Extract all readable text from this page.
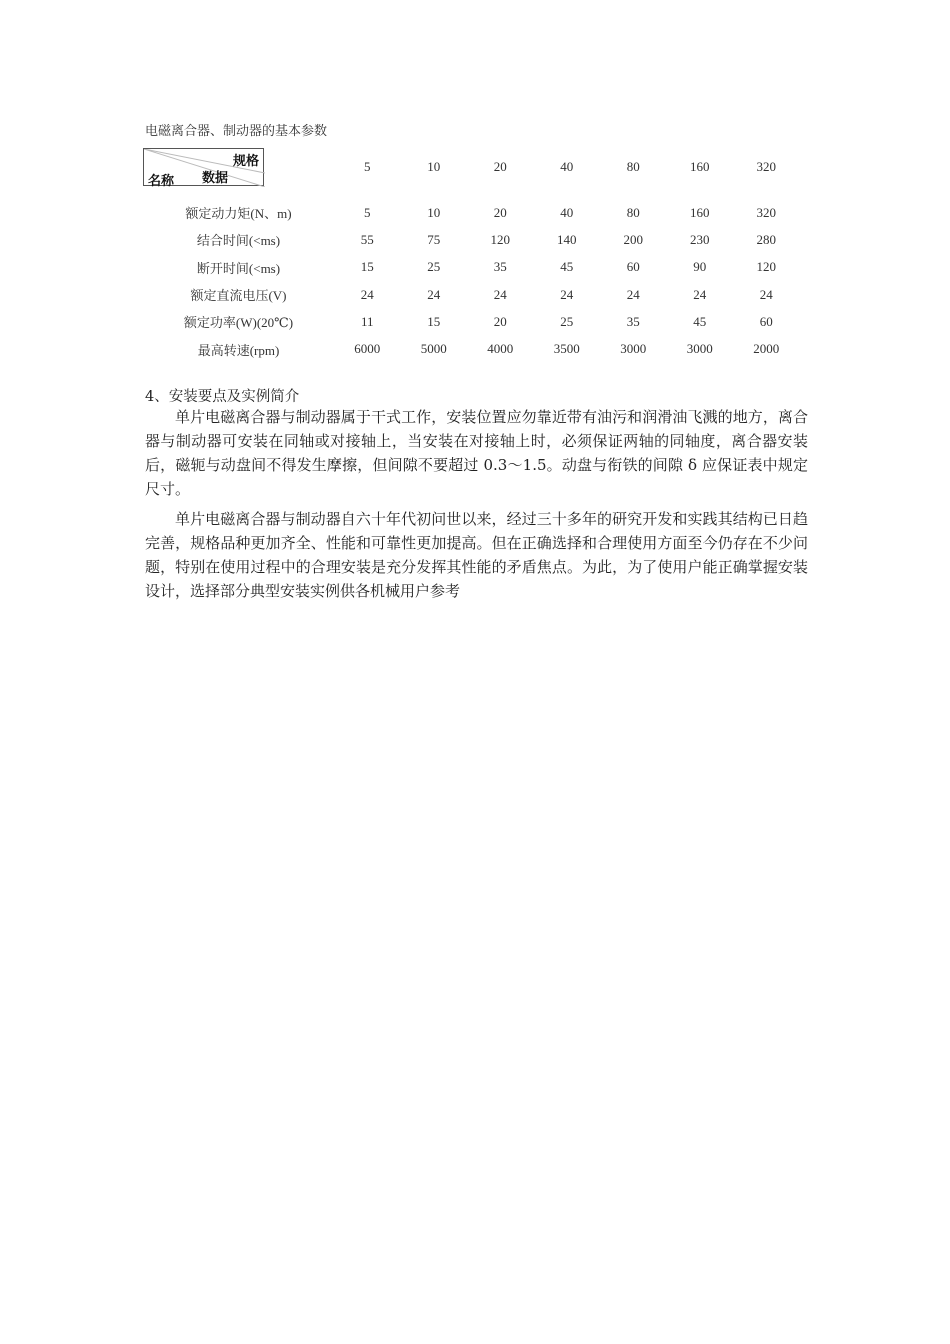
电磁离合器、制动器的基本参数
规格
数据
名称	5	10	20	40	80	160	320

额定动力矩(N、m)	5	10	20	40	80	160	320
结合时间(<ms)	55	75	120	140	200	230	280
断开时间(<ms)	15	25	35	45	60	90	120
额定直流电压(V)	24	24	24	24	24	24	24
额定功率(W)(20℃)	11	15	20	25	35	45	60
最高转速(rpm)	6000	5000	4000	3500	3000	3000	2000
4、安装要点及实例简介

单片电磁离合器与制动器属于干式工作，安装位置应勿靠近带有油污和润滑油飞溅的地方，离合器与制动器可安装在同轴或对接轴上，当安装在对接轴上时，必须保证两轴的同轴度，离合器安装后，磁轭与动盘间不得发生摩擦，但间隙不要超过 0.3～1.5。动盘与衔铁的间隙 δ 应保证表中规定尺寸。

单片电磁离合器与制动器自六十年代初问世以来，经过三十多年的研究开发和实践其结构已日趋完善，规格品种更加齐全、性能和可靠性更加提高。但在正确选择和合理使用方面至今仍存在不少问题，特别在使用过程中的合理安装是充分发挥其性能的矛盾焦点。为此，为了使用户能正确掌握安装设计，选择部分典型安装实例供各机械用户参考
